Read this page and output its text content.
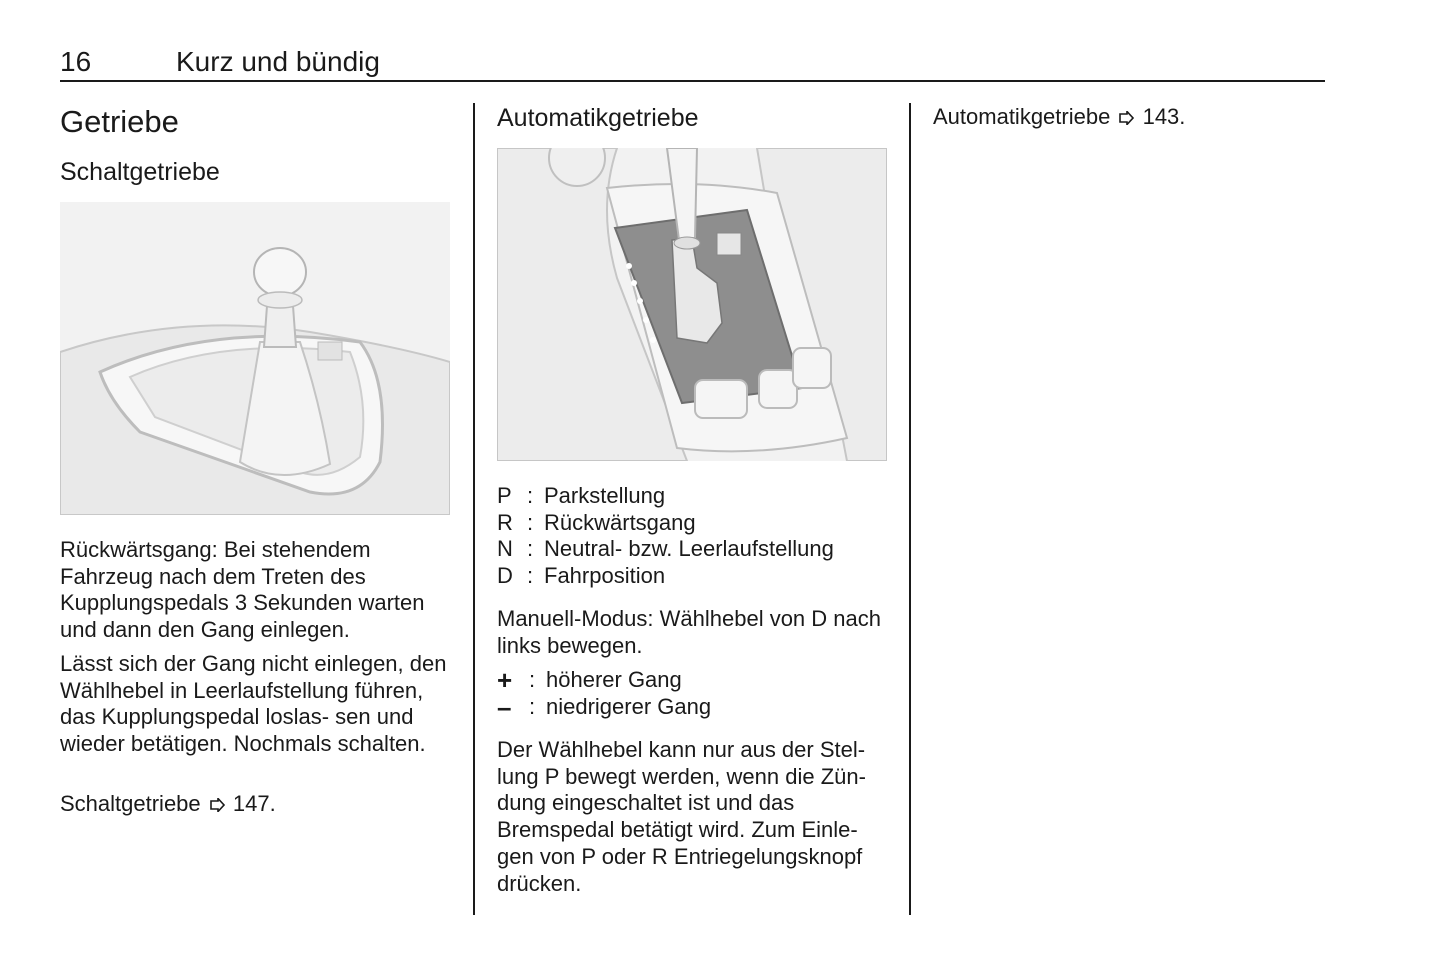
16	Kurz und bündig
Getriebe
Schaltgetriebe

Rückwärtsgang: Bei stehendem Fahrzeug nach dem Treten des Kupplungspedals 3 Sekunden warten und dann den Gang einlegen.

Lässt sich der Gang nicht einlegen, den Wählhebel in Leerlaufstellung führen, das Kupplungspedal loslas- sen und wieder betätigen. Nochmals schalten.

Schaltgetriebe 147.

Automatikgetriebe
P : Parkstellung
R : Rückwärtsgang
N : Neutral- bzw. Leerlaufstellung
D : Fahrposition

Manuell-Modus: Wählhebel von D nach links bewegen.

+ : höherer Gang
– : niedrigerer Gang

Der Wählhebel kann nur aus der Stel- lung P bewegt werden, wenn die Zün- dung eingeschaltet ist und das Bremspedal betätigt wird. Zum Einle- gen von P oder R Entriegelungsknopf drücken.

Automatikgetriebe 143.
